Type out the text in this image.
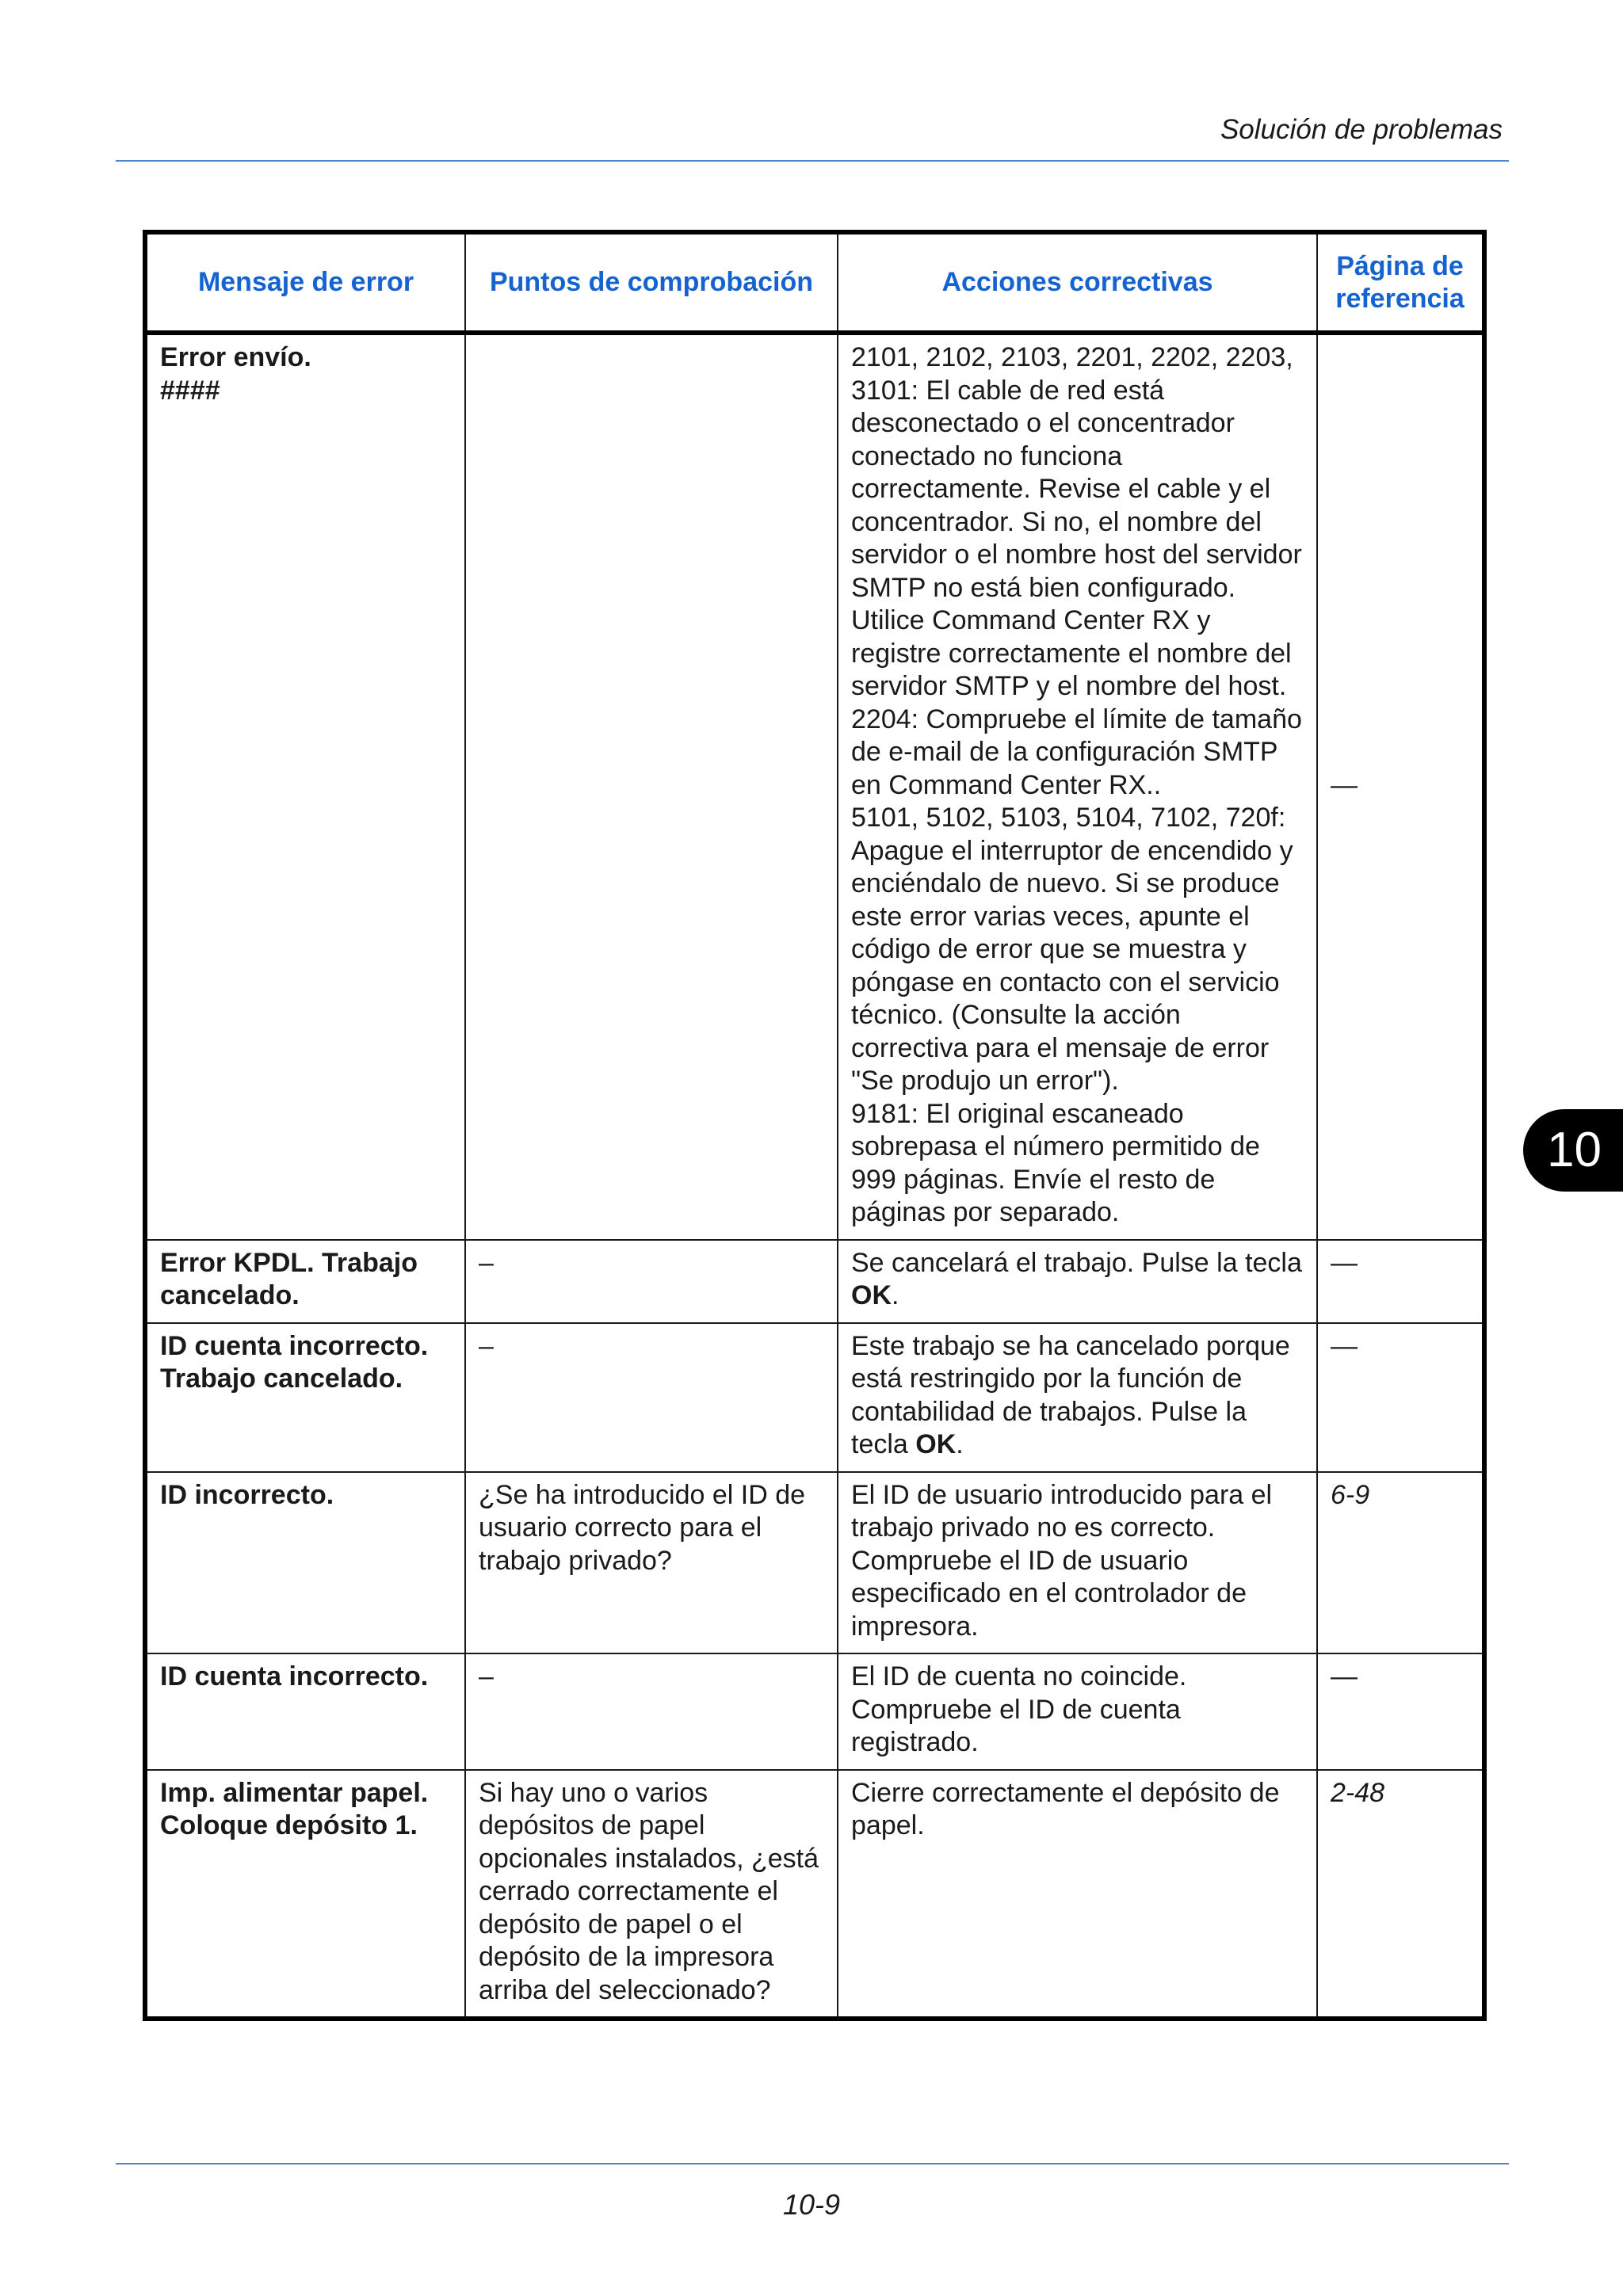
Solución de problemas
Mensaje de error	Puntos de comprobación	Acciones correctivas	Página de
referencia

Error envío.
####		2101, 2102, 2103, 2201, 2202, 2203, 3101: El cable de red está desconectado o el concentrador conectado no funciona correctamente. Revise el cable y el concentrador. Si no, el nombre del servidor o el nombre host del servidor SMTP no está bien configurado. Utilice Command Center RX y registre correctamente el nombre del servidor SMTP y el nombre del host.
2204: Compruebe el límite de tamaño de e-mail de la configuración SMTP en Command Center RX..
5101, 5102, 5103, 5104, 7102, 720f: Apague el interruptor de encendido y enciéndalo de nuevo. Si se produce este error varias veces, apunte el código de error que se muestra y póngase en contacto con el servicio técnico. (Consulte la acción correctiva para el mensaje de error "Se produjo un error").
9181: El original escaneado sobrepasa el número permitido de 999 páginas. Envíe el resto de páginas por separado.	—

Error KPDL. Trabajo
cancelado.	–	Se cancelará el trabajo. Pulse la tecla OK.	—

ID cuenta incorrecto.
Trabajo cancelado.	–	Este trabajo se ha cancelado porque está restringido por la función de contabilidad de trabajos. Pulse la tecla OK.	—
ID incorrecto.	¿Se ha introducido el ID de usuario correcto para el trabajo privado?	El ID de usuario introducido para el trabajo privado no es correcto. Compruebe el ID de usuario especificado en el controlador de impresora.	6-9
ID cuenta incorrecto.	–	El ID de cuenta no coincide. Compruebe el ID de cuenta registrado.	—

Imp. alimentar papel.
Coloque depósito 1.	Si hay uno o varios depósitos de papel opcionales instalados, ¿está cerrado correctamente el depósito de papel o el depósito de la impresora arriba del seleccionado?	Cierre correctamente el depósito de papel.	2-48
10
10-9
